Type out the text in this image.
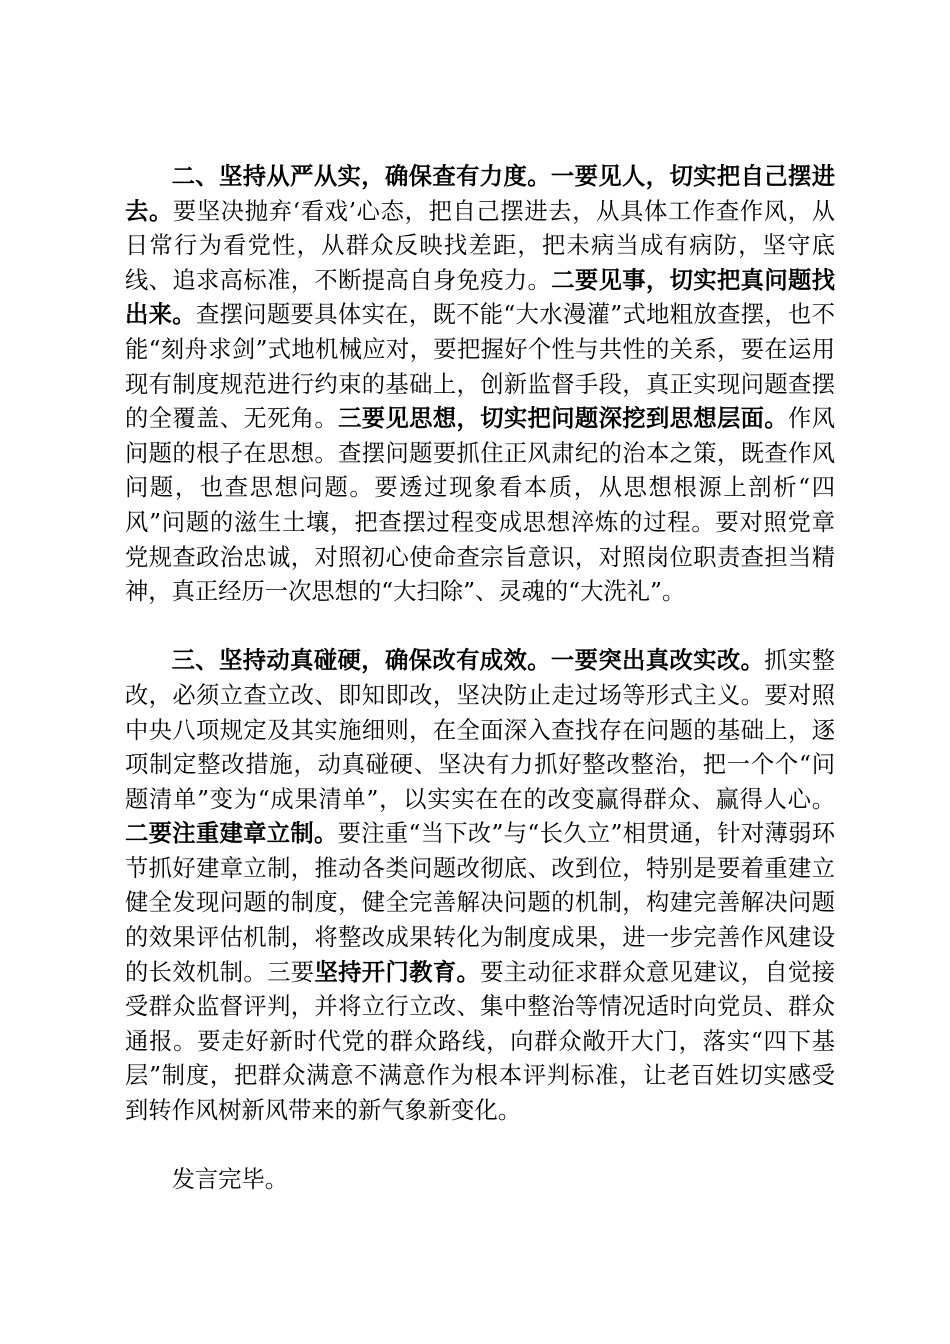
二、坚持从严从实，确保查有力度。一要见人，切实把自己摆进去。要坚决抛弃‘看戏’心态，把自己摆进去，从具体工作查作风，从日常行为看党性，从群众反映找差距，把未病当成有病防，坚守底线、追求高标准，不断提高自身免疫力。二要见事，切实把真问题找出来。查摆问题要具体实在，既不能“大水漫灌”式地粗放查摆，也不能“刻舟求剑”式地机械应对，要把握好个性与共性的关系，要在运用现有制度规范进行约束的基础上，创新监督手段，真正实现问题查摆的全覆盖、无死角。三要见思想，切实把问题深挖到思想层面。作风问题的根子在思想。查摆问题要抓住正风肃纪的治本之策，既查作风问题，也查思想问题。要透过现象看本质，从思想根源上剖析“四风”问题的滋生土壤，把查摆过程变成思想淬炼的过程。要对照党章党规查政治忠诚，对照初心使命查宗旨意识，对照岗位职责查担当精神，真正经历一次思想的“大扫除”、灵魂的“大洗礼”。

三、坚持动真碰硬，确保改有成效。一要突出真改实改。抓实整改，必须立查立改、即知即改，坚决防止走过场等形式主义。要对照中央八项规定及其实施细则，在全面深入查找存在问题的基础上，逐项制定整改措施，动真碰硬、坚决有力抓好整改整治，把一个个“问题清单”变为“成果清单”，以实实在在的改变赢得群众、赢得人心。二要注重建章立制。要注重“当下改”与“长久立”相贯通，针对薄弱环节抓好建章立制，推动各类问题改彻底、改到位，特别是要着重建立健全发现问题的制度，健全完善解决问题的机制，构建完善解决问题的效果评估机制，将整改成果转化为制度成果，进一步完善作风建设的长效机制。三要坚持开门教育。要主动征求群众意见建议，自觉接受群众监督评判，并将立行立改、集中整治等情况适时向党员、群众通报。要走好新时代党的群众路线，向群众敞开大门，落实“四下基层”制度，把群众满意不满意作为根本评判标准，让老百姓切实感受到转作风树新风带来的新气象新变化。

发言完毕。
